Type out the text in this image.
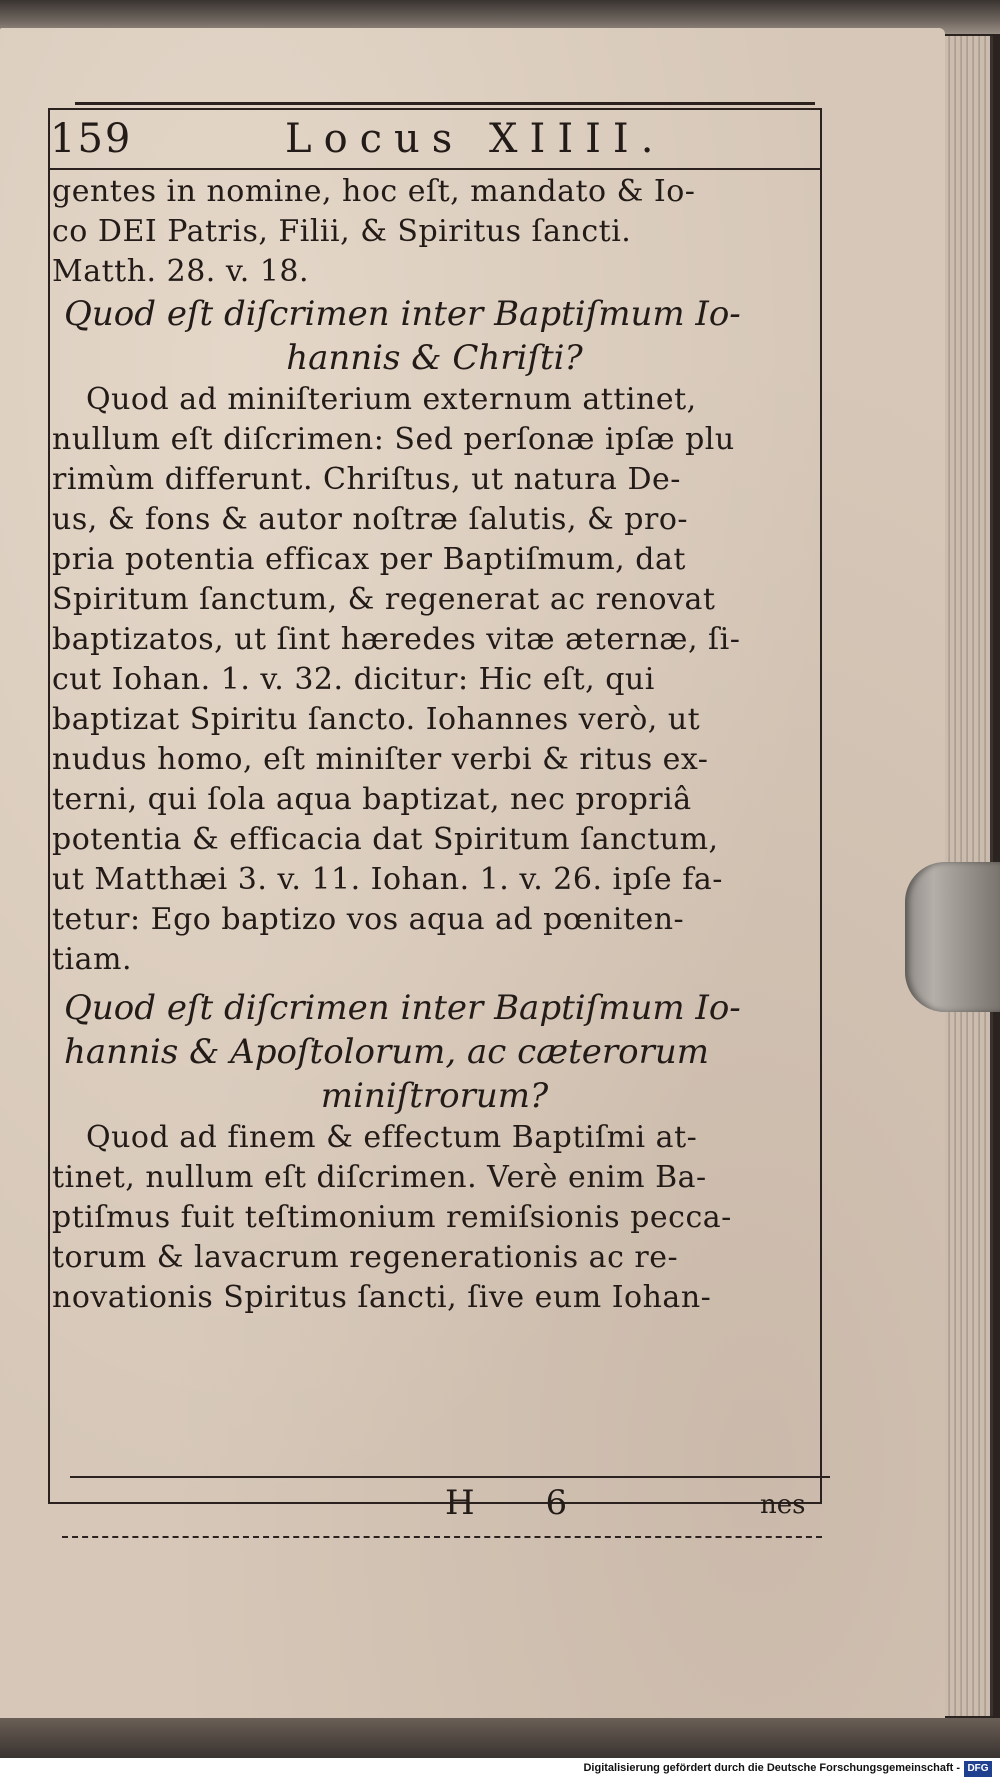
159	Locus XIIII.
gentes in nomine, hoc eſt, mandato & Io-
co DEI Patris, Filii, & Spiritus ſancti.
Matth. 28. v. 18.
Quod eſt diſcrimen inter Baptiſmum Io-
hannis & Chriſti?
Quod ad miniſterium externum attinet,
nullum eſt diſcrimen: Sed perſonæ ipſæ plu
rimùm differunt. Chriſtus, ut natura De-
us, & fons & autor noſtræ ſalutis, & pro-
pria potentia efficax per Baptiſmum, dat
Spiritum ſanctum, & regenerat ac renovat
baptizatos, ut ſint hæredes vitæ æternæ, ſi-
cut Iohan. 1. v. 32. dicitur: Hic eſt, qui
baptizat Spiritu ſancto. Iohannes verò, ut
nudus homo, eſt miniſter verbi & ritus ex-
terni, qui ſola aqua baptizat, nec propriâ
potentia & efficacia dat Spiritum ſanctum,
ut Matthæi 3. v. 11. Iohan. 1. v. 26. ipſe fa-
tetur: Ego baptizo vos aqua ad pœniten-
tiam.
Quod eſt diſcrimen inter Baptiſmum Io-
hannis & Apoſtolorum, ac cæterorum
miniſtrorum?
Quod ad finem & effectum Baptiſmi at-
tinet, nullum eſt diſcrimen. Verè enim Ba-
ptiſmus fuit teſtimonium remiſsionis pecca-
torum & lavacrum regenerationis ac re-
novationis Spiritus ſancti, ſive eum Iohan-
H 6	nes
Digitalisierung gefördert durch die Deutsche Forschungsgemeinschaft - DFG
